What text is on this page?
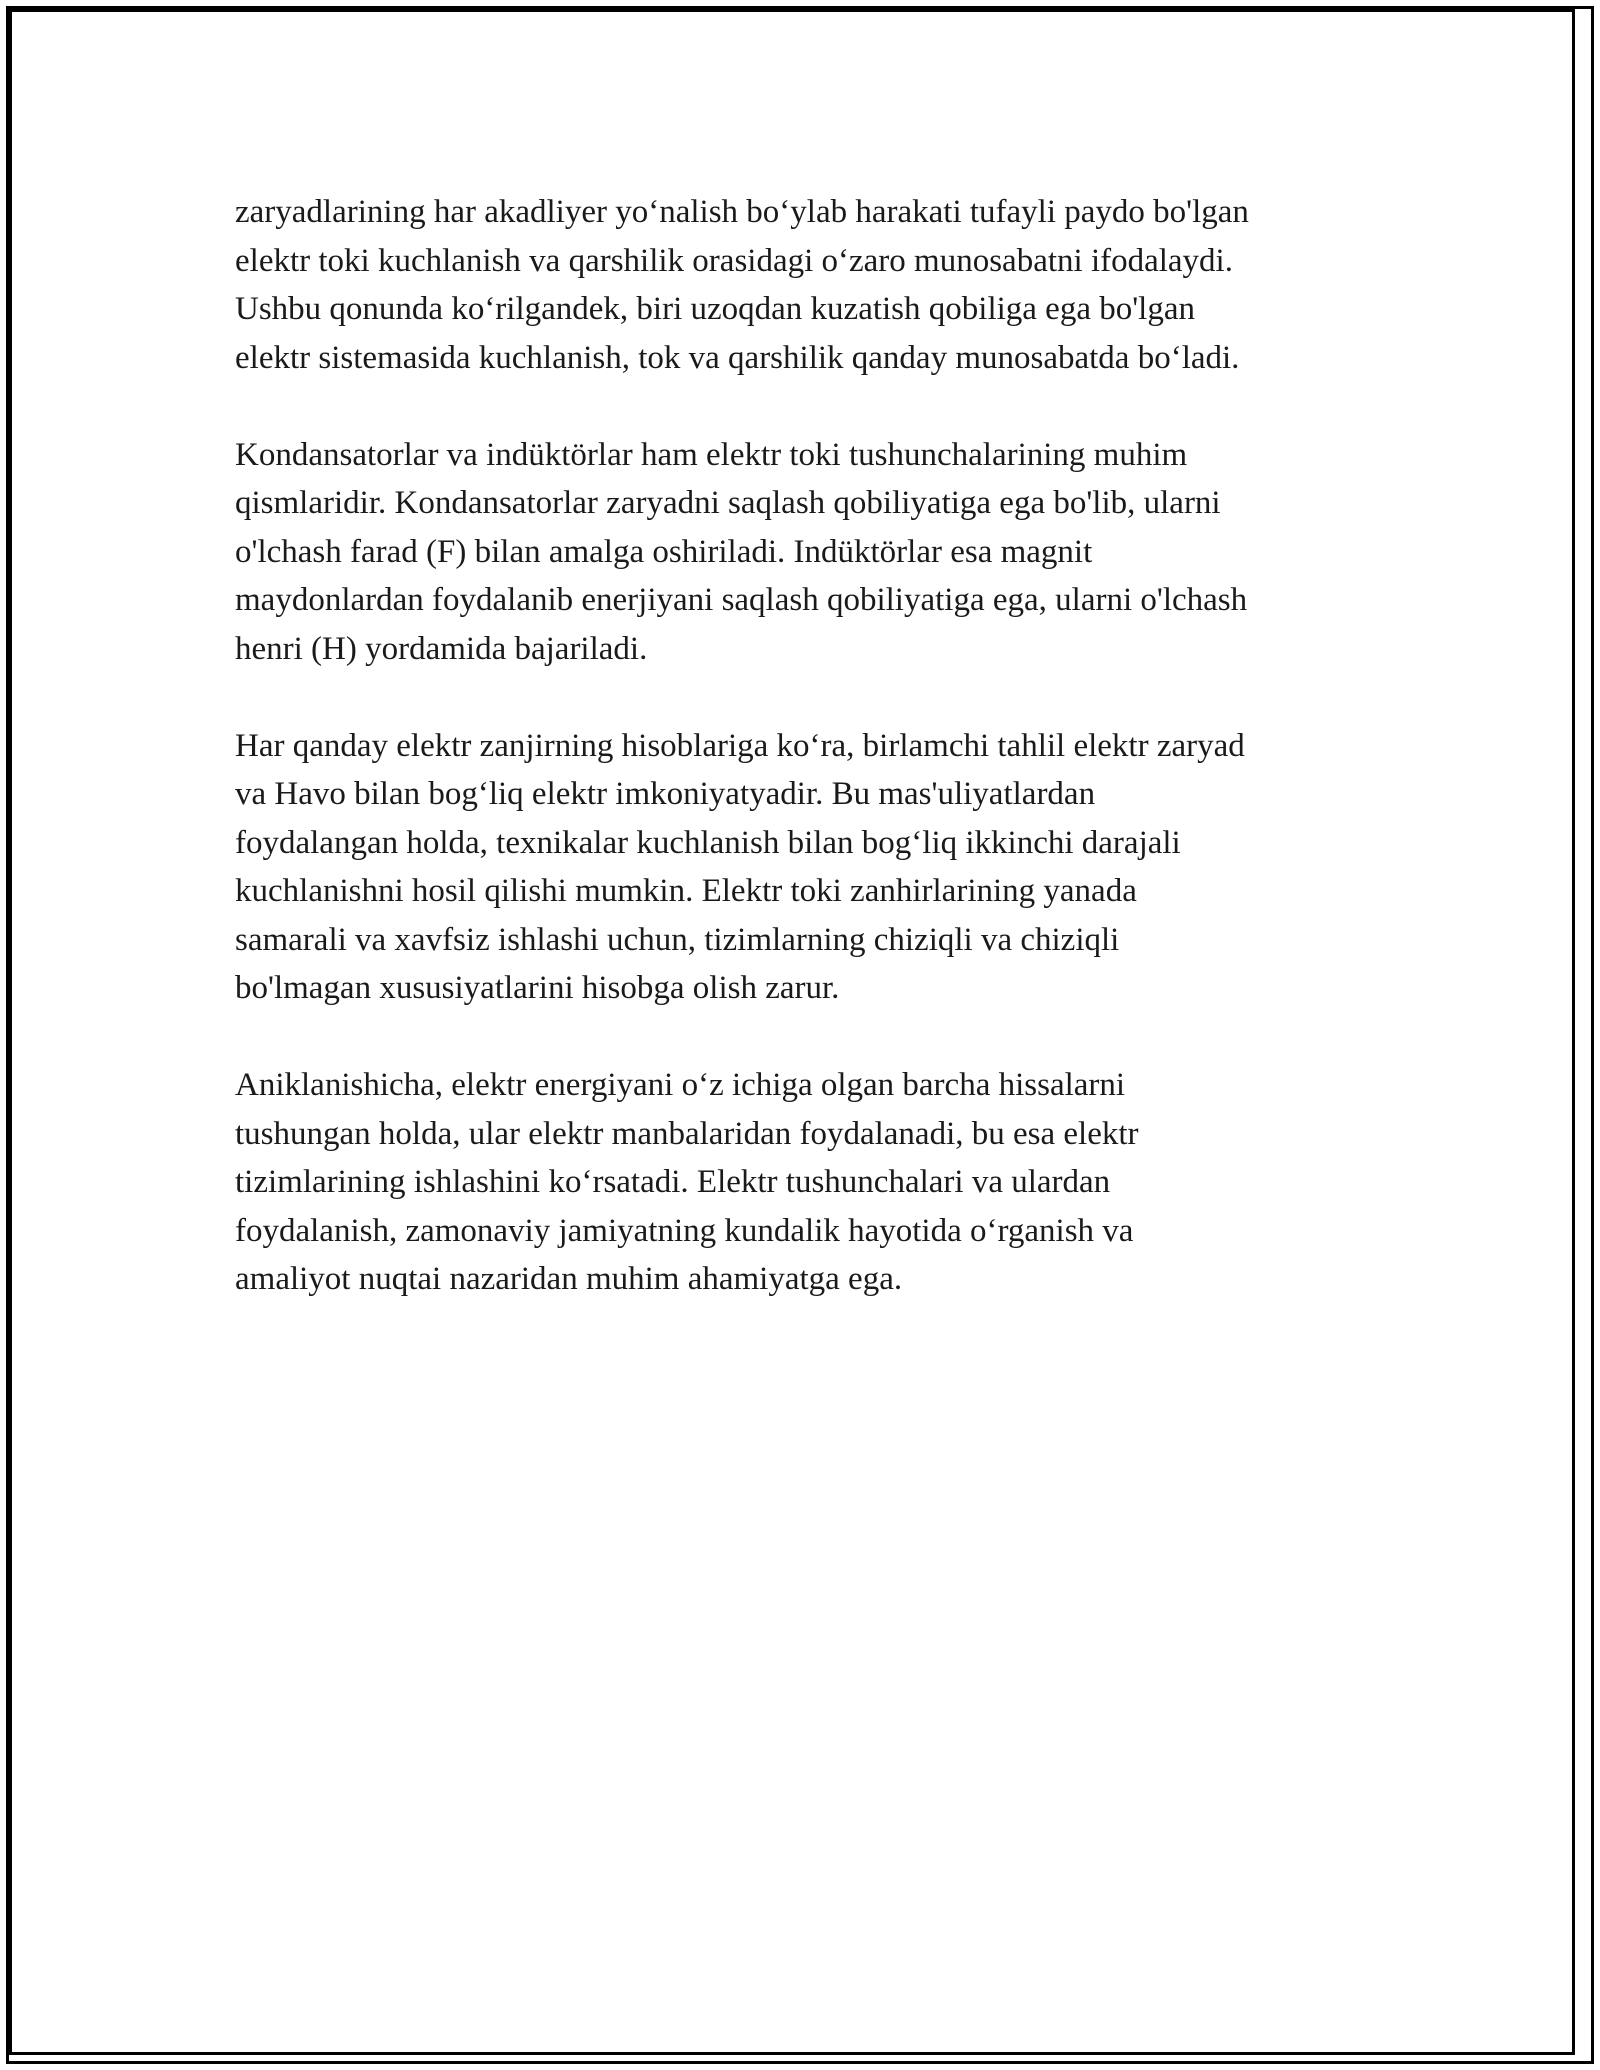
zaryadlarining har akadliyer yo‘nalish bo‘ylab harakati tufayli paydo bo'lgan
elektr toki kuchlanish va qarshilik orasidagi o‘zaro munosabatni ifodalaydi.
Ushbu qonunda ko‘rilgandek, biri uzoqdan kuzatish qobiliga ega bo'lgan
elektr sistemasida kuchlanish, tok va qarshilik qanday munosabatda bo‘ladi.

Kondansatorlar va indüktörlar ham elektr toki tushunchalarining muhim
qismlaridir. Kondansatorlar zaryadni saqlash qobiliyatiga ega bo'lib, ularni
o'lchash farad (F) bilan amalga oshiriladi. Indüktörlar esa magnit
maydonlardan foydalanib enerjiyani saqlash qobiliyatiga ega, ularni o'lchash
henri (H) yordamida bajariladi.

Har qanday elektr zanjirning hisoblariga ko‘ra, birlamchi tahlil elektr zaryad
va Havo bilan bog‘liq elektr imkoniyatyadir. Bu mas'uliyatlardan
foydalangan holda, texnikalar kuchlanish bilan bog‘liq ikkinchi darajali
kuchlanishni hosil qilishi mumkin. Elektr toki zanhirlarining yanada
samarali va xavfsiz ishlashi uchun, tizimlarning chiziqli va chiziqli
bo'lmagan xususiyatlarini hisobga olish zarur.

Aniklanishicha, elektr energiyani o‘z ichiga olgan barcha hissalarni
tushungan holda, ular elektr manbalaridan foydalanadi, bu esa elektr
tizimlarining ishlashini ko‘rsatadi. Elektr tushunchalari va ulardan
foydalanish, zamonaviy jamiyatning kundalik hayotida o‘rganish va
amaliyot nuqtai nazaridan muhim ahamiyatga ega.
